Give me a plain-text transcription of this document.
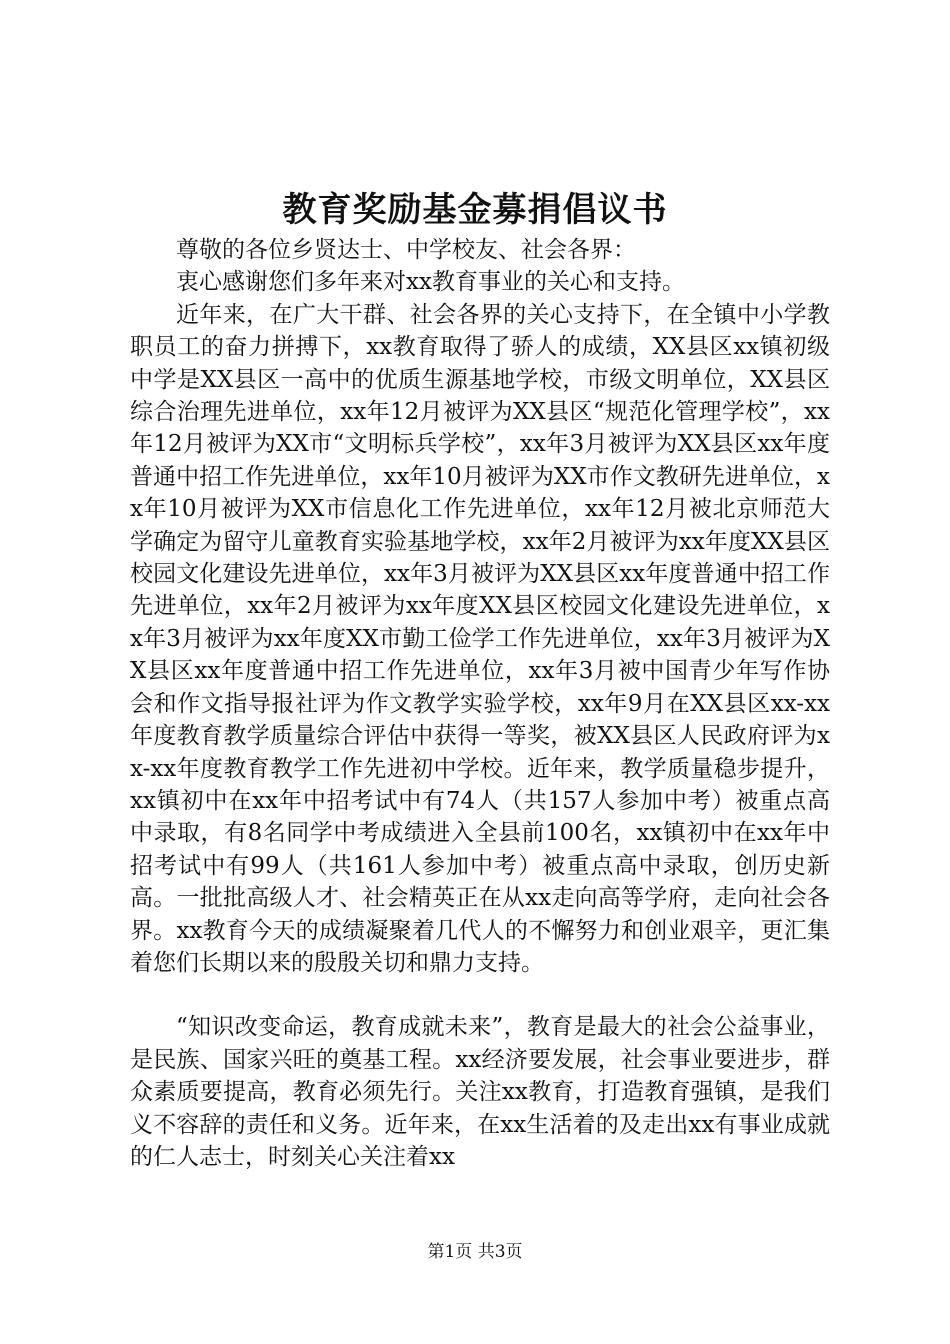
教育奖励基金募捐倡议书

尊敬的各位乡贤达士、中学校友、社会各界：

衷心感谢您们多年来对xx教育事业的关心和支持。

近年来，在广大干群、社会各界的关心支持下，在全镇中小学教职员工的奋力拼搏下，xx教育取得了骄人的成绩，XX县区xx镇初级中学是XX县区一高中的优质生源基地学校，市级文明单位，XX县区综合治理先进单位，xx年12月被评为XX县区“规范化管理学校”，xx年12月被评为XX市“文明标兵学校”，xx年3月被评为XX县区xx年度普通中招工作先进单位，xx年10月被评为XX市作文教研先进单位，xx年10月被评为XX市信息化工作先进单位，xx年12月被北京师范大学确定为留守儿童教育实验基地学校，xx年2月被评为xx年度XX县区校园文化建设先进单位，xx年3月被评为XX县区xx年度普通中招工作先进单位，xx年2月被评为xx年度XX县区校园文化建设先进单位，xx年3月被评为xx年度XX市勤工俭学工作先进单位，xx年3月被评为XX县区xx年度普通中招工作先进单位，xx年3月被中国青少年写作协会和作文指导报社评为作文教学实验学校，xx年9月在XX县区xx-xx年度教育教学质量综合评估中获得一等奖，被XX县区人民政府评为xx-xx年度教育教学工作先进初中学校。近年来，教学质量稳步提升，xx镇初中在xx年中招考试中有74人（共157人参加中考）被重点高中录取，有8名同学中考成绩进入全县前100名，xx镇初中在xx年中招考试中有99人（共161人参加中考）被重点高中录取，创历史新高。一批批高级人才、社会精英正在从xx走向高等学府，走向社会各界。xx教育今天的成绩凝聚着几代人的不懈努力和创业艰辛，更汇集着您们长期以来的殷殷关切和鼎力支持。

“知识改变命运，教育成就未来”，教育是最大的社会公益事业，是民族、国家兴旺的奠基工程。xx经济要发展，社会事业要进步，群众素质要提高，教育必须先行。关注xx教育，打造教育强镇，是我们义不容辞的责任和义务。近年来，在xx生活着的及走出xx有事业成就的仁人志士，时刻关心关注着xx

第1页 共3页
